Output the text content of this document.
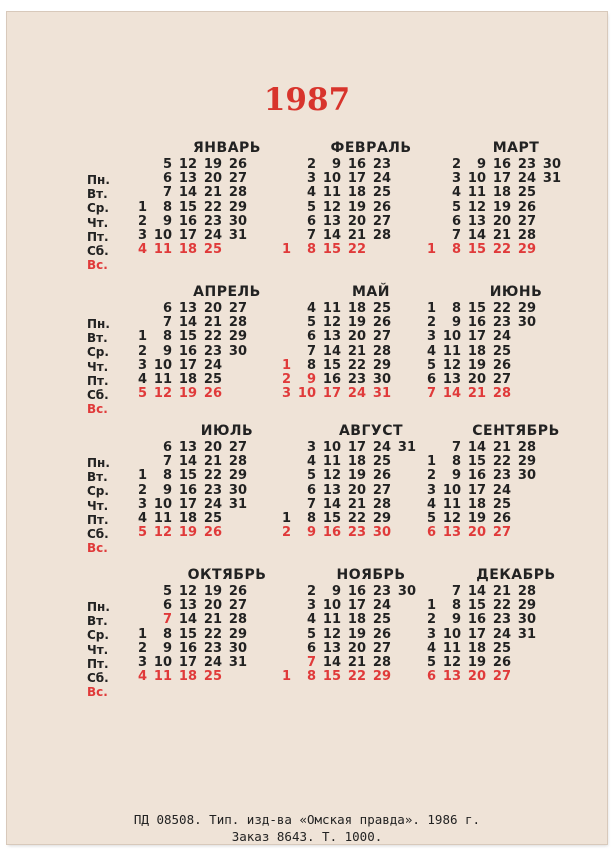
1987
ЯНВАРЬ
1
2
3
4
5
6
7
8
9
10
11
12
13
14
15
16
17
18
19
20
21
22
23
24
25
26
27
28
29
30
31
ФЕВРАЛЬ
1
2
3
4
5
6
7
8
9
10
11
12
13
14
15
16
17
18
19
20
21
22
23
24
25
26
27
28
МАРТ
1
2
3
4
5
6
7
8
9
10
11
12
13
14
15
16
17
18
19
20
21
22
23
24
25
26
27
28
29
30
31
АПРЕЛЬ
1
2
3
4
5
6
7
8
9
10
11
12
13
14
15
16
17
18
19
20
21
22
23
24
25
26
27
28
29
30
МАЙ
1
2
3
4
5
6
7
8
9
10
11
12
13
14
15
16
17
18
19
20
21
22
23
24
25
26
27
28
29
30
31
ИЮНЬ
1
2
3
4
5
6
7
8
9
10
11
12
13
14
15
16
17
18
19
20
21
22
23
24
25
26
27
28
29
30
ИЮЛЬ
1
2
3
4
5
6
7
8
9
10
11
12
13
14
15
16
17
18
19
20
21
22
23
24
25
26
27
28
29
30
31
АВГУСТ
1
2
3
4
5
6
7
8
9
10
11
12
13
14
15
16
17
18
19
20
21
22
23
24
25
26
27
28
29
30
31
СЕНТЯБРЬ
1
2
3
4
5
6
7
8
9
10
11
12
13
14
15
16
17
18
19
20
21
22
23
24
25
26
27
28
29
30
ОКТЯБРЬ
1
2
3
4
5
6
7
8
9
10
11
12
13
14
15
16
17
18
19
20
21
22
23
24
25
26
27
28
29
30
31
НОЯБРЬ
1
2
3
4
5
6
7
8
9
10
11
12
13
14
15
16
17
18
19
20
21
22
23
24
25
26
27
28
29
30
ДЕКАБРЬ
1
2
3
4
5
6
7
8
9
10
11
12
13
14
15
16
17
18
19
20
21
22
23
24
25
26
27
28
29
30
31
ПД 08508. Тип. изд-ва «Омская правда». 1986 г.
Заказ 8643. Т. 1000.
Пн.
Вт.
Ср.
Чт.
Пт.
Сб.
Вс.
Пн.
Вт.
Ср.
Чт.
Пт.
Сб.
Вс.
Пн.
Вт.
Ср.
Чт.
Пт.
Сб.
Вс.
Пн.
Вт.
Ср.
Чт.
Пт.
Сб.
Вс.
